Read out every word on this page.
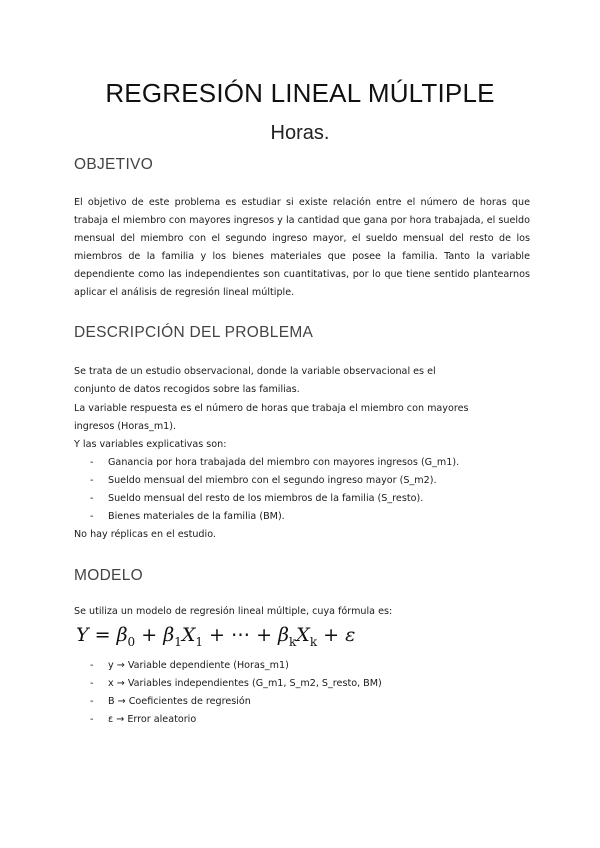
REGRESIÓN LINEAL MÚLTIPLE

Horas.

OBJETIVO

El objetivo de este problema es estudiar si existe relación entre el número de horas que trabaja el miembro con mayores ingresos y la cantidad que gana por hora trabajada, el sueldo mensual del miembro con el segundo ingreso mayor, el sueldo mensual del resto de los miembros de la familia y los bienes materiales que posee la familia. Tanto la variable dependiente como las independientes son cuantitativas, por lo que tiene sentido plantearnos aplicar el análisis de regresión lineal múltiple.

DESCRIPCIÓN DEL PROBLEMA

Se trata de un estudio observacional, donde la variable observacional es el

conjunto de datos recogidos sobre las familias.

La variable respuesta es el número de horas que trabaja el miembro con mayores

ingresos (Horas_m1).

Y las variables explicativas son:

- Ganancia por hora trabajada del miembro con mayores ingresos (G_m1).

- Sueldo mensual del miembro con el segundo ingreso mayor (S_m2).

- Sueldo mensual del resto de los miembros de la familia (S_resto).

- Bienes materiales de la familia (BM).

No hay réplicas en el estudio.

MODELO

Se utiliza un modelo de regresión lineal múltiple, cuya fórmula es:

$Y = \beta_0 + \beta_1X_1$ + ⋯ + $\beta_kX_k + \varepsilon$

- y → Variable dependiente (Horas_m1)

- x → Variables independientes (G_m1, S_m2, S_resto, BM)

- B → Coeficientes de regresión

- ε → Error aleatorio
